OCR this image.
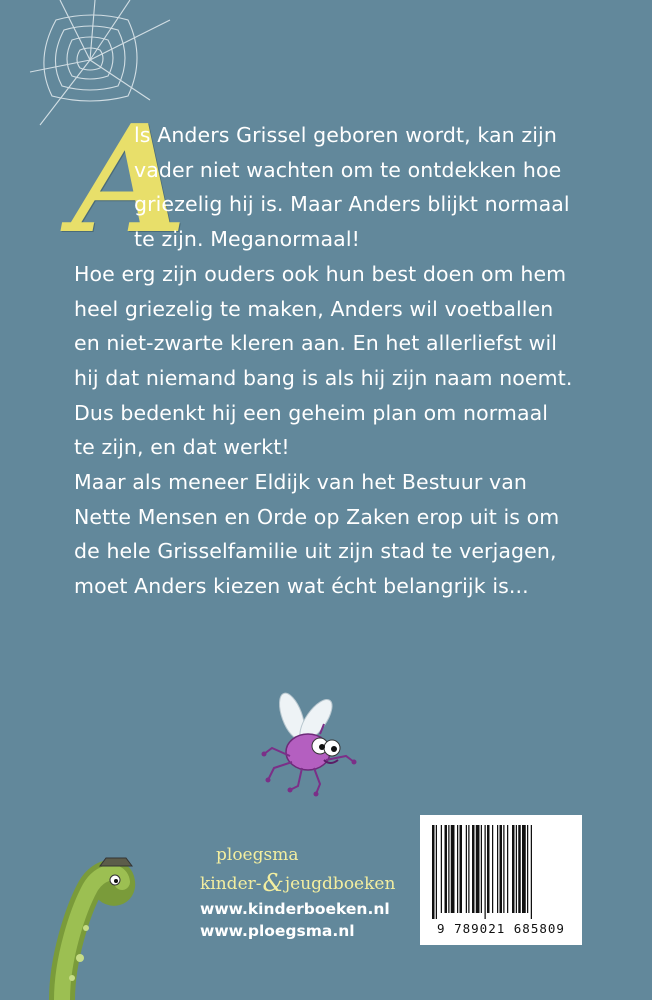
A
ls Anders Grissel geboren wordt, kan zijn vader niet wachten om te ontdekken hoe griezelig hij is. Maar Anders blijkt normaal te zijn. Meganormaal!

Hoe erg zijn ouders ook hun best doen om hem heel griezelig te maken, Anders wil voetballen en niet-zwarte kleren aan. En het allerliefst wil hij dat niemand bang is als hij zijn naam noemt. Dus bedenkt hij een geheim plan om normaal te zijn, en dat werkt!

Maar als meneer Eldijk van het Bestuur van Nette Mensen en Orde op Zaken erop uit is om de hele Grisselfamilie uit zijn stad te verjagen, moet Anders kiezen wat écht belangrijk is...

ploegsma
kinder-&jeugdboeken
www.kinderboeken.nl
www.ploegsma.nl	9 789021 685809
